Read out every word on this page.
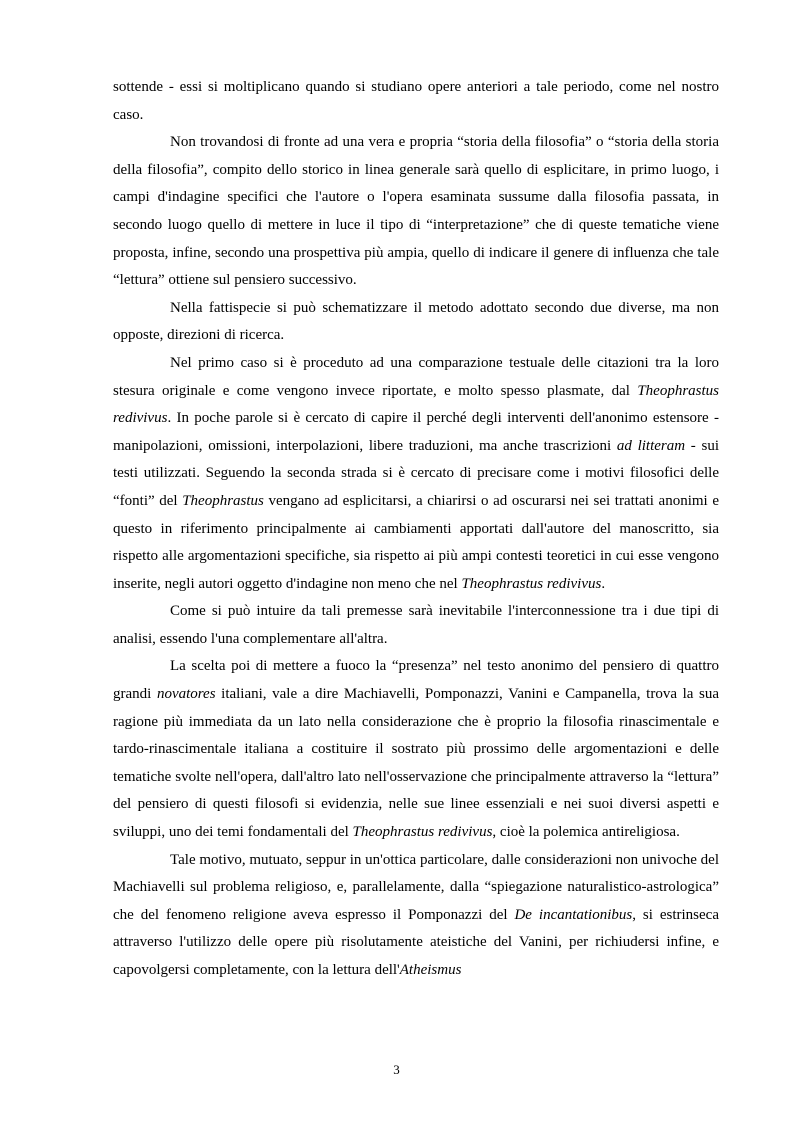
sottende - essi si moltiplicano quando si studiano opere anteriori a tale periodo, come nel nostro caso.

Non trovandosi di fronte ad una vera e propria “storia della filosofia” o “storia della storia della filosofia”, compito dello storico in linea generale sarà quello di esplicitare, in primo luogo, i campi d'indagine specifici che l'autore o l'opera esaminata sussume dalla filosofia passata, in secondo luogo quello di mettere in luce il tipo di “interpretazione” che di queste tematiche viene proposta, infine, secondo una prospettiva più ampia, quello di indicare il genere di influenza che tale “lettura” ottiene sul pensiero successivo.

Nella fattispecie si può schematizzare il metodo adottato secondo due diverse, ma non opposte, direzioni di ricerca.

Nel primo caso si è proceduto ad una comparazione testuale delle citazioni tra la loro stesura originale e come vengono invece riportate, e molto spesso plasmate, dal Theophrastus redivivus. In poche parole si è cercato di capire il perché degli interventi dell'anonimo estensore - manipolazioni, omissioni, interpolazioni, libere traduzioni, ma anche trascrizioni ad litteram - sui testi utilizzati. Seguendo la seconda strada si è cercato di precisare come i motivi filosofici delle “fonti” del Theophrastus vengano ad esplicitarsi, a chiarirsi o ad oscurarsi nei sei trattati anonimi e questo in riferimento principalmente ai cambiamenti apportati dall'autore del manoscritto, sia rispetto alle argomentazioni specifiche, sia rispetto ai più ampi contesti teoretici in cui esse vengono inserite, negli autori oggetto d'indagine non meno che nel Theophrastus redivivus.

Come si può intuire da tali premesse sarà inevitabile l'interconnessione tra i due tipi di analisi, essendo l'una complementare all'altra.

La scelta poi di mettere a fuoco la “presenza” nel testo anonimo del pensiero di quattro grandi novatores italiani, vale a dire Machiavelli, Pomponazzi, Vanini e Campanella, trova la sua ragione più immediata da un lato nella considerazione che è proprio la filosofia rinascimentale e tardo-rinascimentale italiana a costituire il sostrato più prossimo delle argomentazioni e delle tematiche svolte nell'opera, dall'altro lato nell'osservazione che principalmente attraverso la “lettura” del pensiero di questi filosofi si evidenzia, nelle sue linee essenziali e nei suoi diversi aspetti e sviluppi, uno dei temi fondamentali del Theophrastus redivivus, cioè la polemica antireligiosa.

Tale motivo, mutuato, seppur in un'ottica particolare, dalle considerazioni non univoche del Machiavelli sul problema religioso, e, parallelamente, dalla “spiegazione naturalistico-astrologica” che del fenomeno religione aveva espresso il Pomponazzi del De incantationibus, si estrinseca attraverso l'utilizzo delle opere più risolutamente ateistiche del Vanini, per richiudersi infine, e capovolgersi completamente, con la lettura dell'Atheismus

3
